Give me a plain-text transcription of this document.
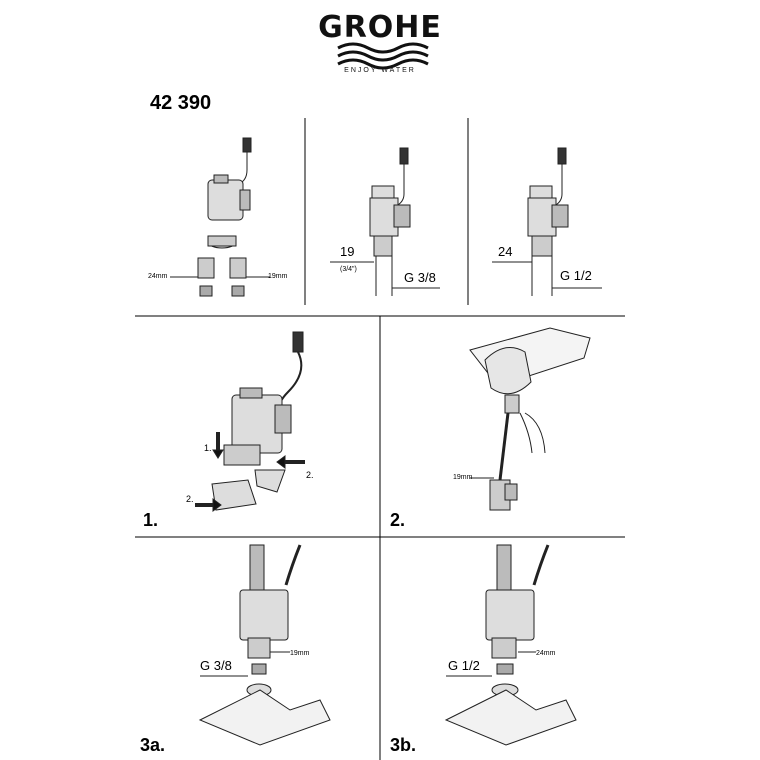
GROHE
ENJOY WATER
42 390
24mm	19mm
19
(3/4")
G 3/8
24
G 1/2
1.
1.
2.
2.
2.
19mm
3a.
G 3/8
19mm
3b.
G 1/2
24mm
